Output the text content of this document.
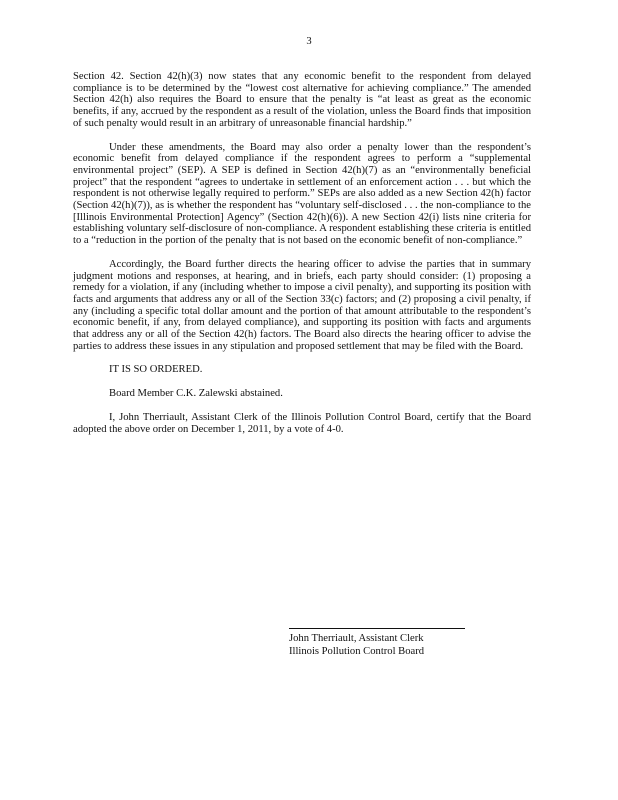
3

Section 42. Section 42(h)(3) now states that any economic benefit to the respondent from delayed compliance is to be determined by the “lowest cost alternative for achieving compliance.” The amended Section 42(h) also requires the Board to ensure that the penalty is “at least as great as the economic benefits, if any, accrued by the respondent as a result of the violation, unless the Board finds that imposition of such penalty would result in an arbitrary of unreasonable financial hardship.”

Under these amendments, the Board may also order a penalty lower than the respondent’s economic benefit from delayed compliance if the respondent agrees to perform a “supplemental environmental project” (SEP). A SEP is defined in Section 42(h)(7) as an “environmentally beneficial project” that the respondent “agrees to undertake in settlement of an enforcement action . . . but which the respondent is not otherwise legally required to perform.” SEPs are also added as a new Section 42(h) factor (Section 42(h)(7)), as is whether the respondent has “voluntary self-disclosed . . . the non-compliance to the [Illinois Environmental Protection] Agency” (Section 42(h)(6)). A new Section 42(i) lists nine criteria for establishing voluntary self-disclosure of non-compliance. A respondent establishing these criteria is entitled to a “reduction in the portion of the penalty that is not based on the economic benefit of non-compliance.”

Accordingly, the Board further directs the hearing officer to advise the parties that in summary judgment motions and responses, at hearing, and in briefs, each party should consider: (1) proposing a remedy for a violation, if any (including whether to impose a civil penalty), and supporting its position with facts and arguments that address any or all of the Section 33(c) factors; and (2) proposing a civil penalty, if any (including a specific total dollar amount and the portion of that amount attributable to the respondent’s economic benefit, if any, from delayed compliance), and supporting its position with facts and arguments that address any or all of the Section 42(h) factors. The Board also directs the hearing officer to advise the parties to address these issues in any stipulation and proposed settlement that may be filed with the Board.

IT IS SO ORDERED.

Board Member C.K. Zalewski abstained.

I, John Therriault, Assistant Clerk of the Illinois Pollution Control Board, certify that the Board adopted the above order on December 1, 2011, by a vote of 4-0.

John Therriault, Assistant Clerk
Illinois Pollution Control Board
